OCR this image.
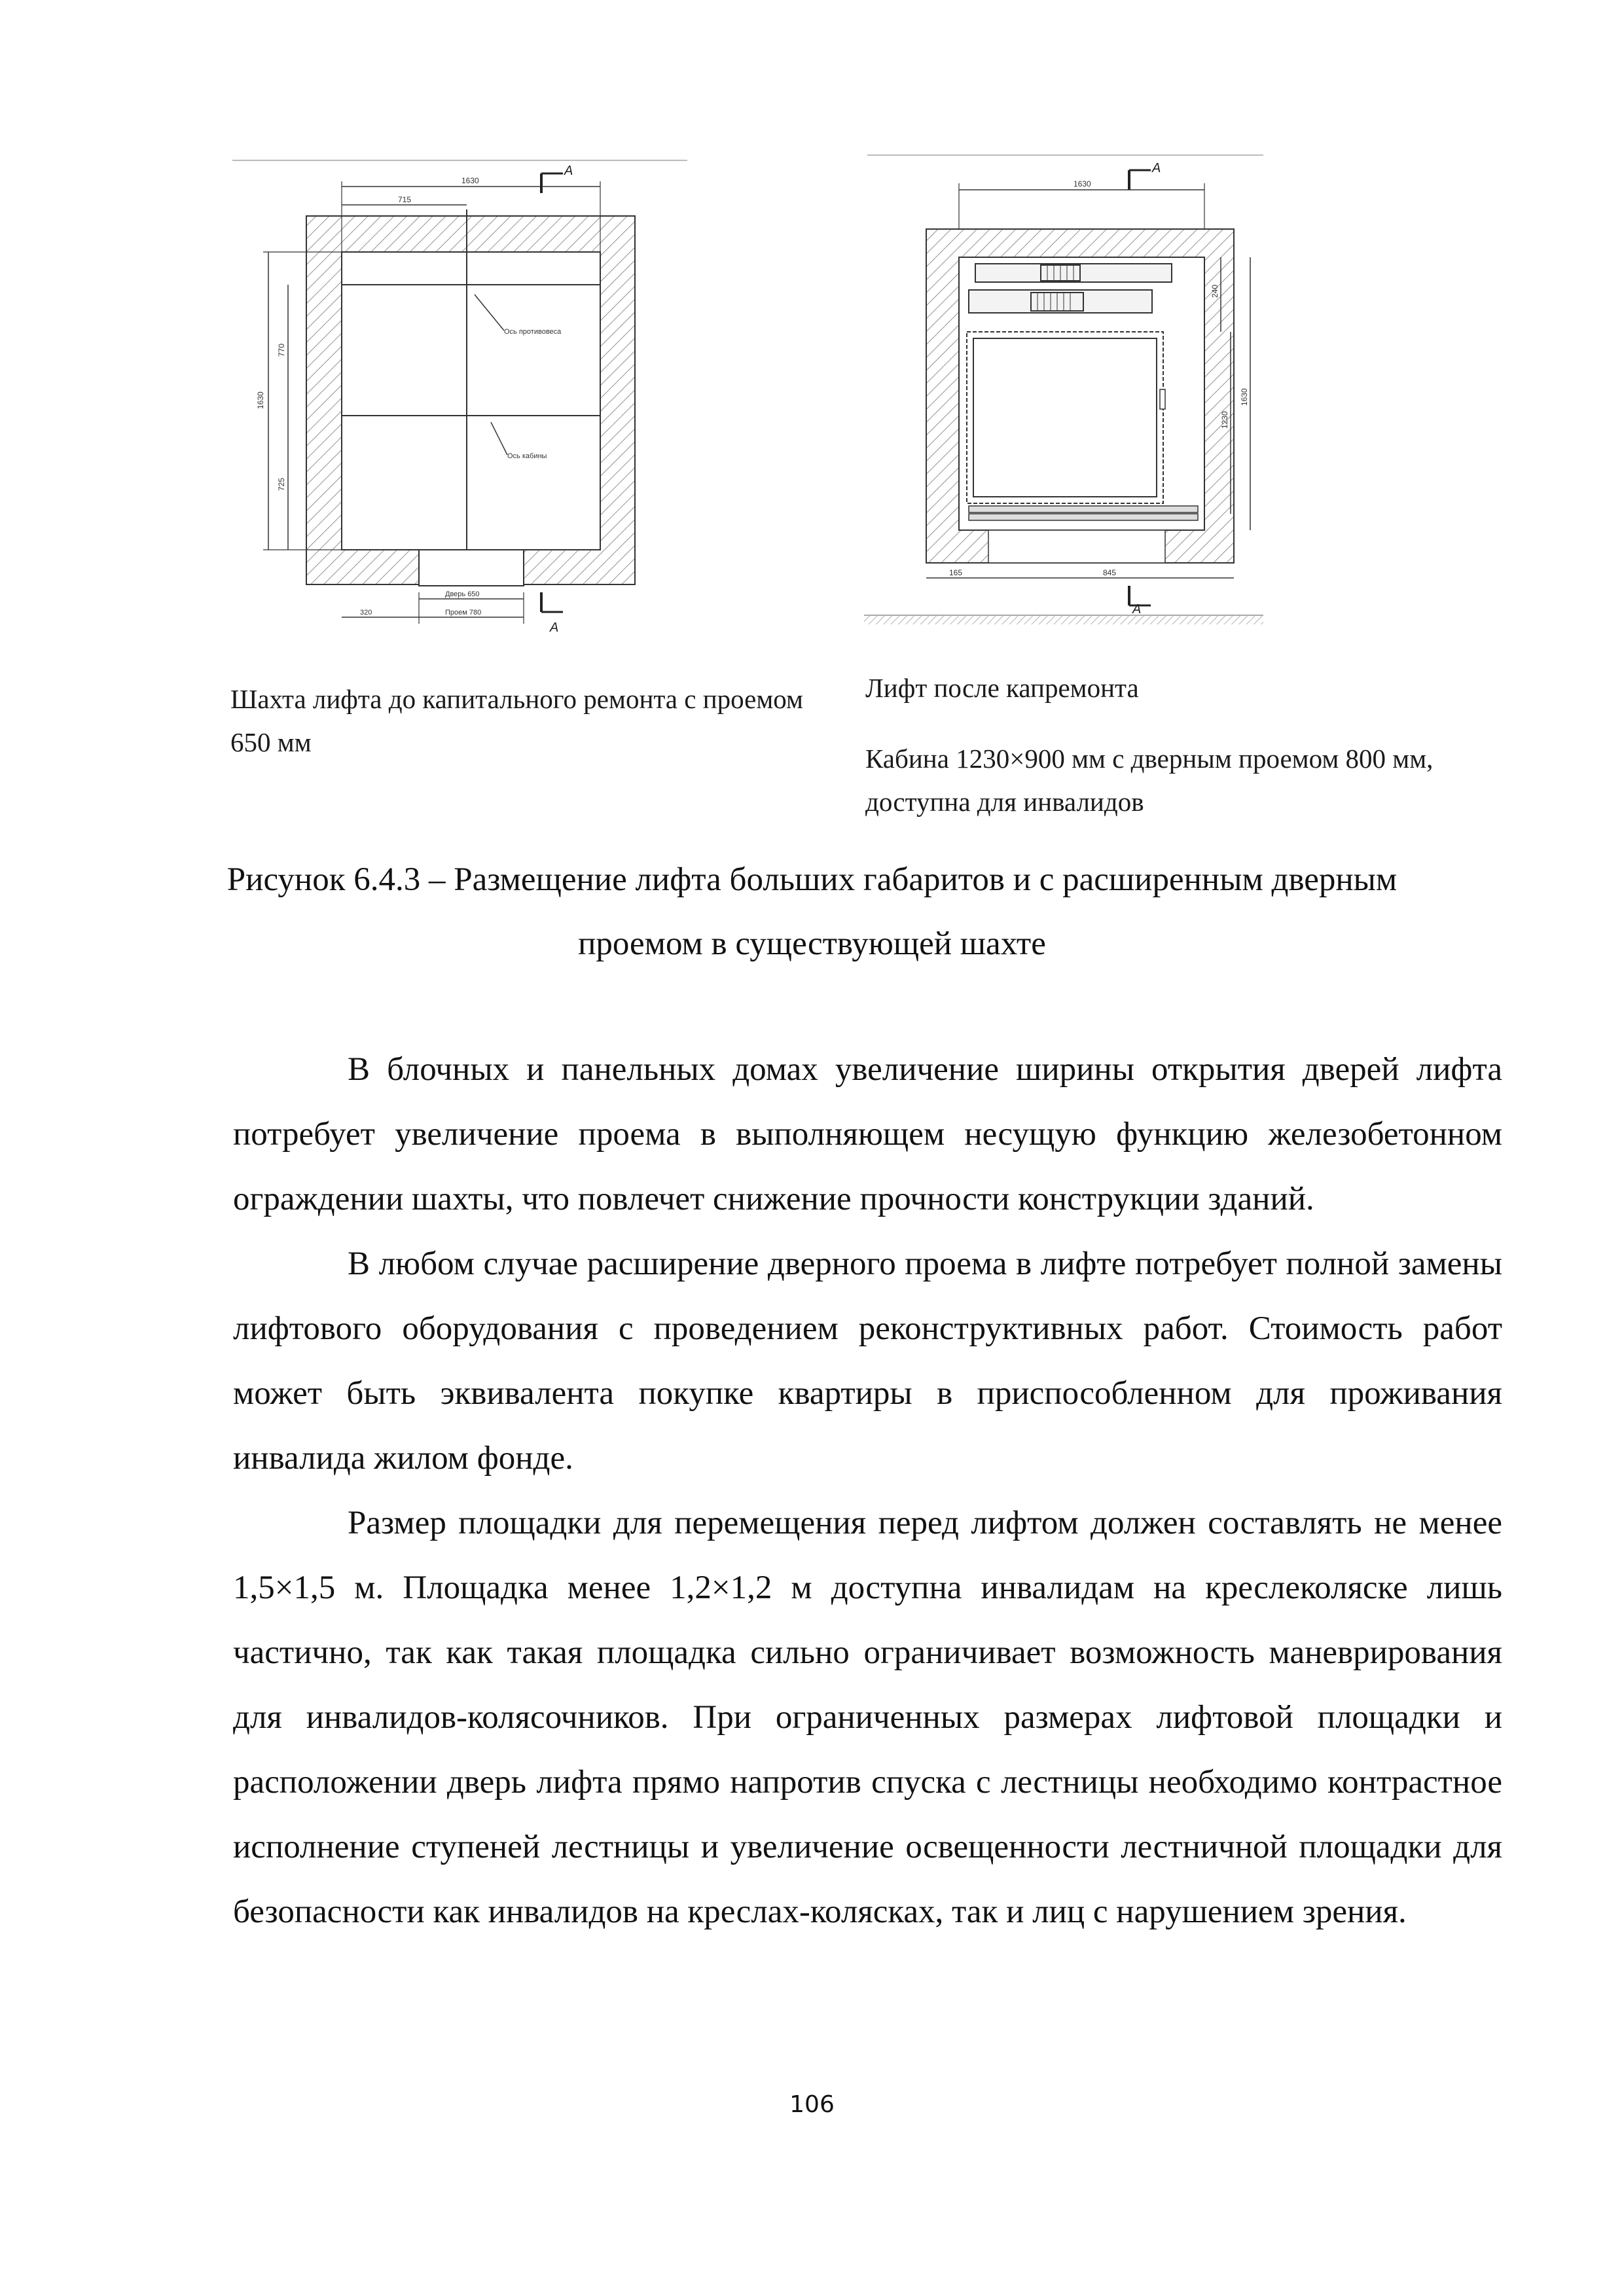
А
А
1630
715
1630
770
725
Ось противовеса
Ось кабины
Дверь 650
Проем 780
320
А
А
1630
240
1230
1630
165	845
Шахта лифта до капитального ремонта с проемом 650 мм
Лифт после капремонта
Кабина 1230×900 мм с дверным проемом 800 мм, доступна для инвалидов
Рисунок 6.4.3 – Размещение лифта больших габаритов и с расширенным дверным проемом в существующей шахте

В блочных и панельных домах увеличение ширины открытия дверей лифта потребует увеличение проема в выполняющем несущую функцию железобетонном ограждении шахты, что повлечет снижение прочности конструкции зданий.

В любом случае расширение дверного проема в лифте потребует полной замены лифтового оборудования с проведением реконструктивных работ. Стоимость работ может быть эквивалента покупке квартиры в приспособленном для проживания инвалида жилом фонде.

Размер площадки для перемещения перед лифтом должен составлять не менее 1,5×1,5 м. Площадка менее 1,2×1,2 м доступна инвалидам на креслеколяске лишь частично, так как такая площадка сильно ограничивает возможность маневрирования для инвалидов-колясочников. При ограниченных размерах лифтовой площадки и расположении дверь лифта прямо напротив спуска с лестницы необходимо контрастное исполнение ступеней лестницы и увеличение освещенности лестничной площадки для безопасности как инвалидов на креслах-колясках, так и лиц с нарушением зрения.

106
